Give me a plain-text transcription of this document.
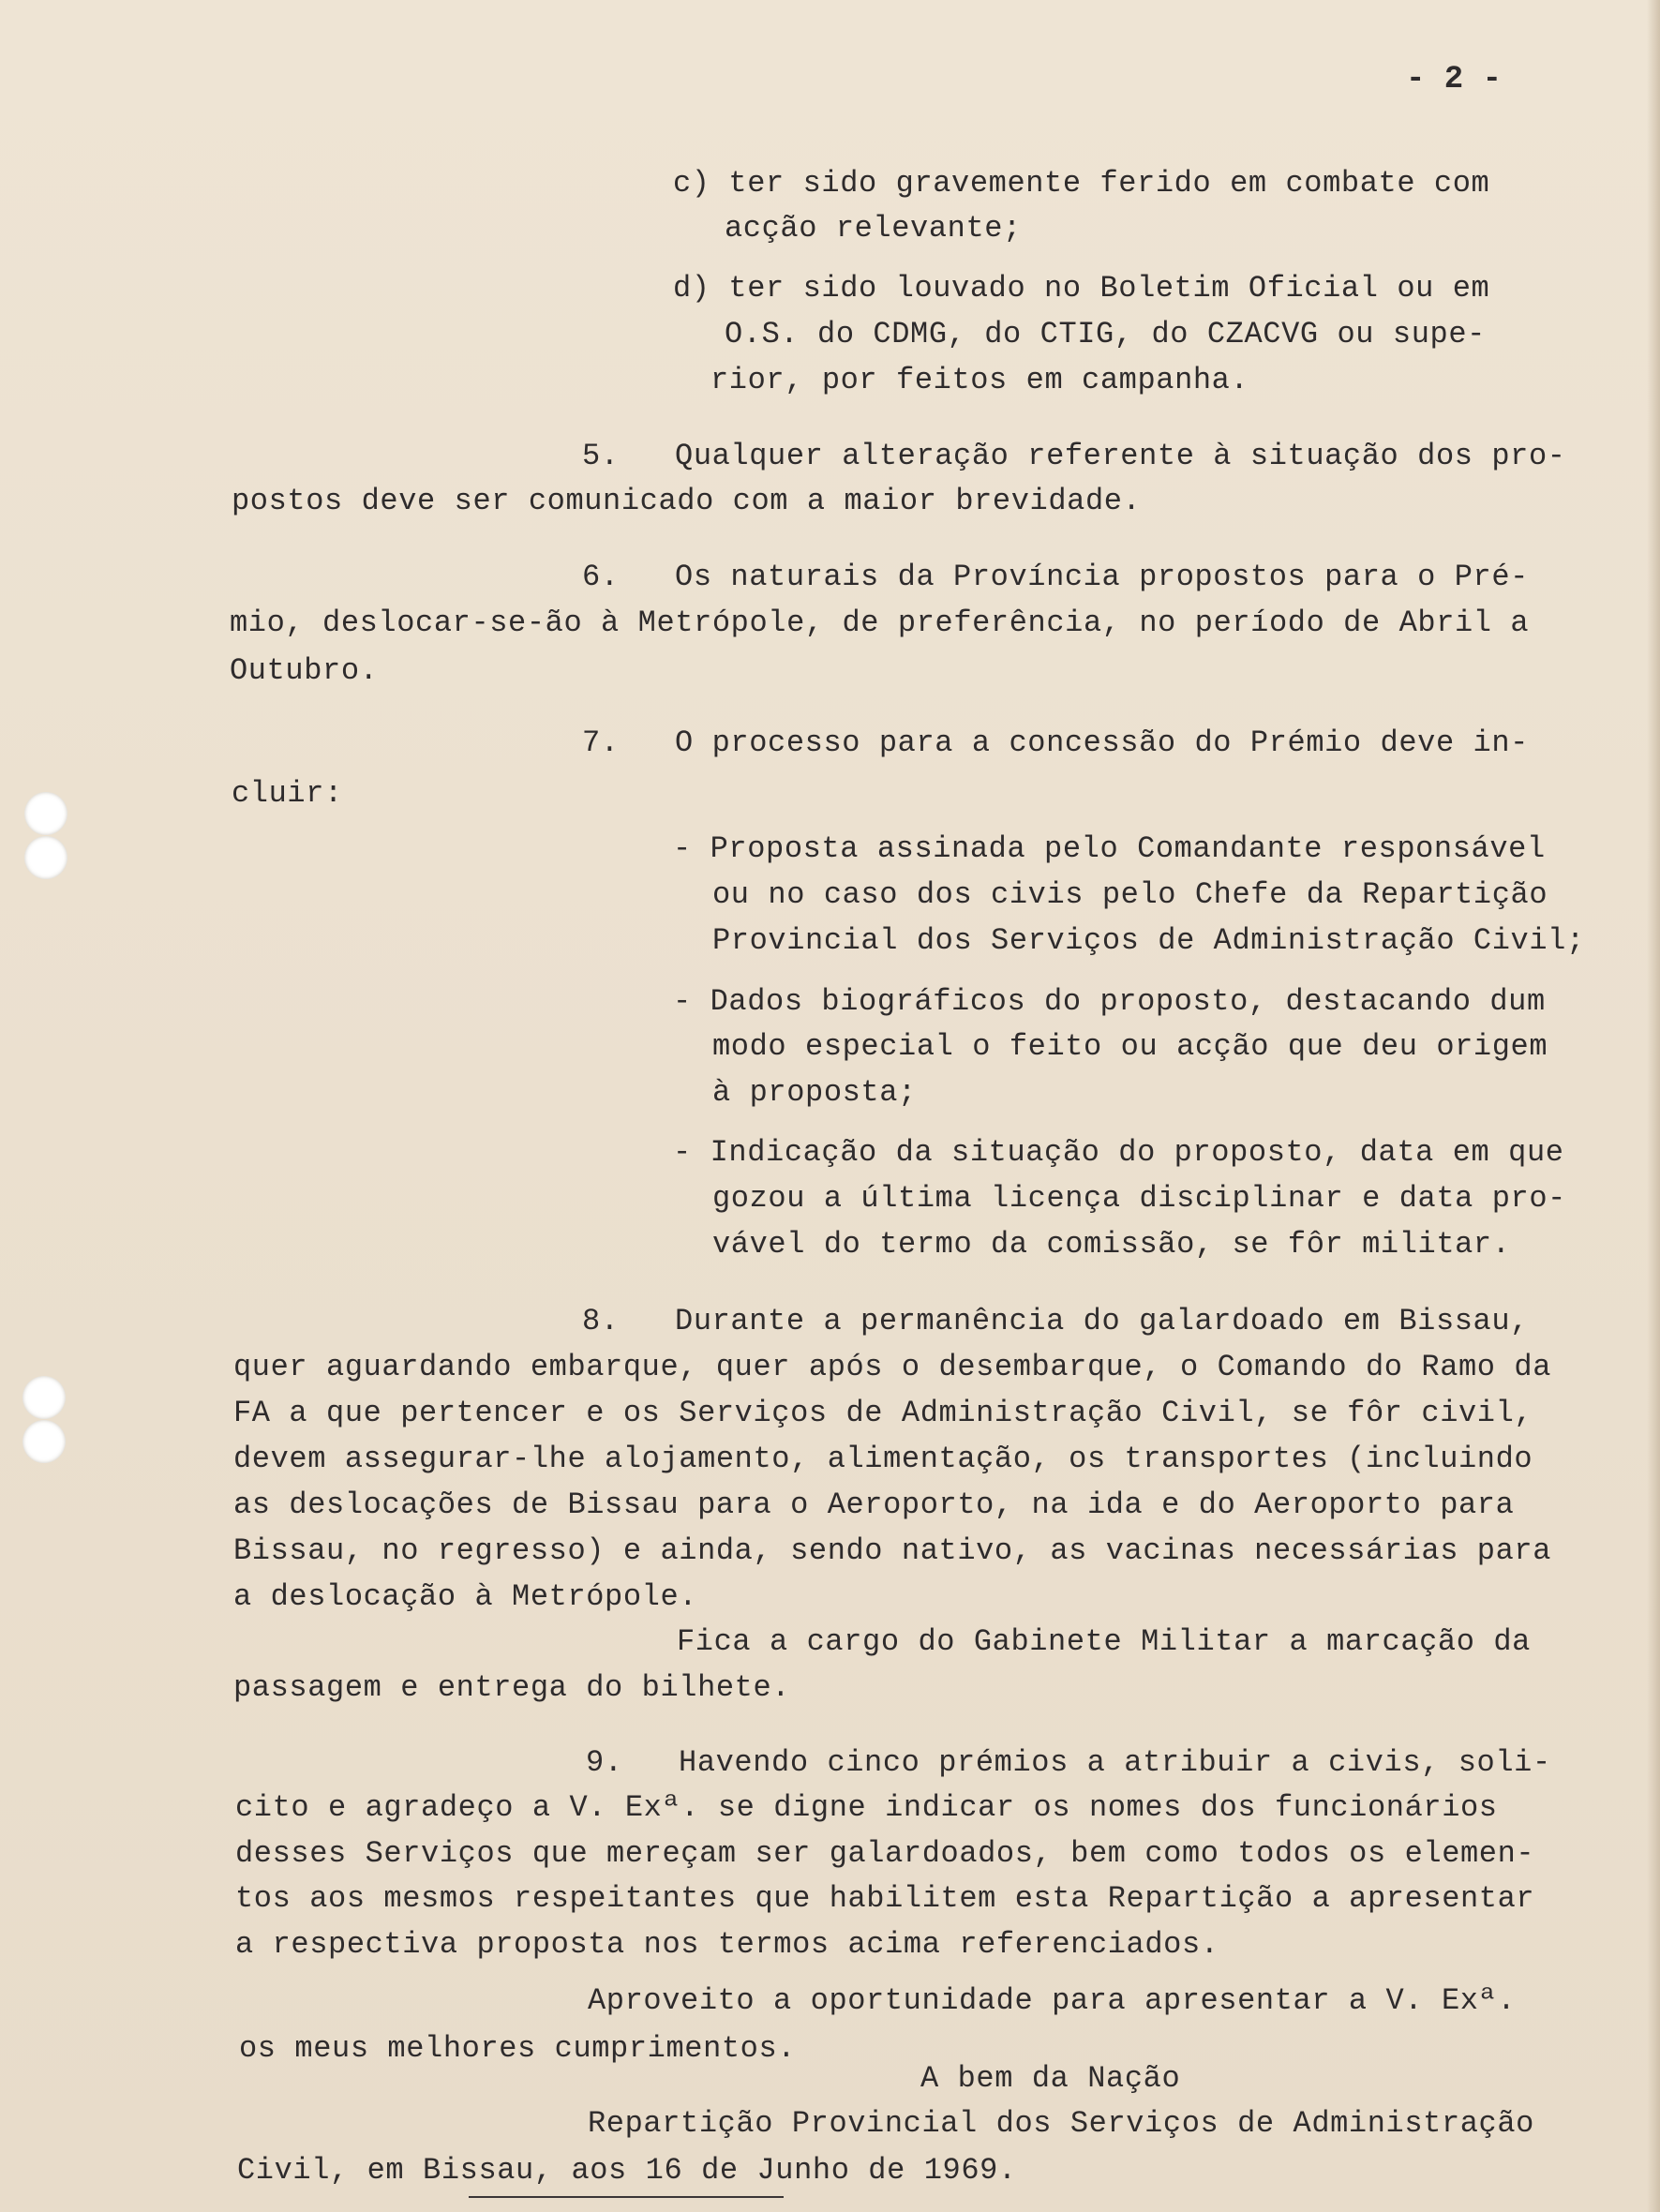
- 2 -
c) ter sido gravemente ferido em combate com
acção relevante;
d) ter sido louvado no Boletim Oficial ou em
O.S. do CDMG, do CTIG, do CZACVG ou supe-
rior, por feitos em campanha.
5.   Qualquer alteração referente à situação dos pro-
postos deve ser comunicado com a maior brevidade.
6.   Os naturais da Província propostos para o Pré-
mio, deslocar-se-ão à Metrópole, de preferência, no período de Abril a
Outubro.
7.   O processo para a concessão do Prémio deve in-
cluir:
- Proposta assinada pelo Comandante responsável
ou no caso dos civis pelo Chefe da Repartição
Provincial dos Serviços de Administração Civil;
- Dados biográficos do proposto, destacando dum
modo especial o feito ou acção que deu origem
à proposta;
- Indicação da situação do proposto, data em que
gozou a última licença disciplinar e data pro-
vável do termo da comissão, se fôr militar.
8.   Durante a permanência do galardoado em Bissau,
quer aguardando embarque, quer após o desembarque, o Comando do Ramo da
FA a que pertencer e os Serviços de Administração Civil, se fôr civil,
devem assegurar-lhe alojamento, alimentação, os transportes (incluindo
as deslocações de Bissau para o Aeroporto, na ida e do Aeroporto para
Bissau, no regresso) e ainda, sendo nativo, as vacinas necessárias para
a deslocação à Metrópole.
Fica a cargo do Gabinete Militar a marcação da
passagem e entrega do bilhete.
9.   Havendo cinco prémios a atribuir a civis, soli-
cito e agradeço a V. Exª. se digne indicar os nomes dos funcionários
desses Serviços que mereçam ser galardoados, bem como todos os elemen-
tos aos mesmos respeitantes que habilitem esta Repartição a apresentar
a respectiva proposta nos termos acima referenciados.
Aproveito a oportunidade para apresentar a V. Exª.
os meus melhores cumprimentos.
A bem da Nação
Repartição Provincial dos Serviços de Administração
Civil, em Bissau, aos 16 de Junho de 1969.
